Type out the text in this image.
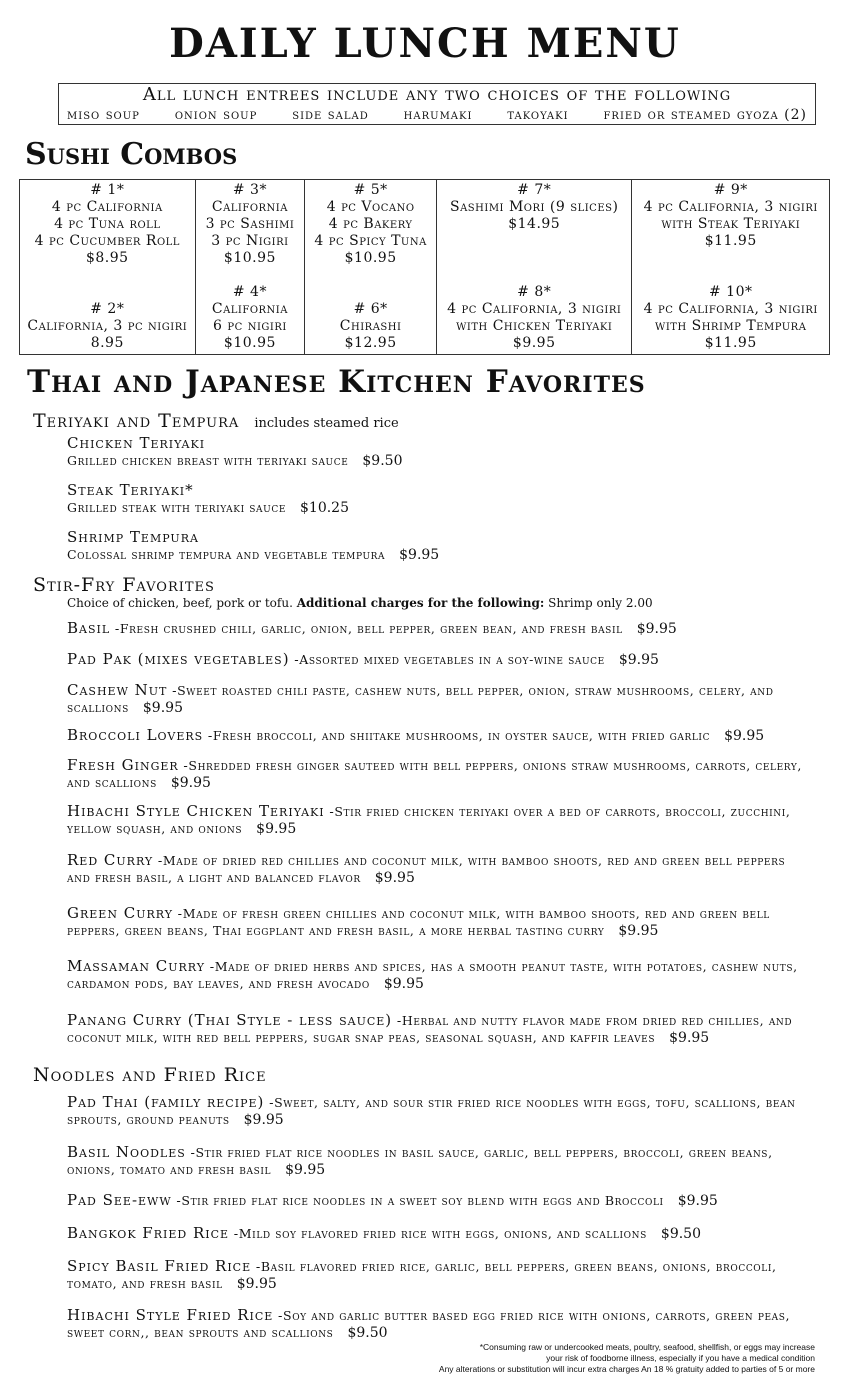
DAILY LUNCH MENU
All lunch entrees include any two choices of the following
miso soup onion soup side salad harumaki takoyaki fried or steamed gyoza (2)
Sushi Combos
# 1*
4 pc California
4 pc Tuna roll
4 pc Cucumber Roll
$8.95
# 2*
California, 3 pc nigiri
8.95
# 3*
California
3 pc Sashimi
3 pc Nigiri
$10.95
# 4*
California
6 pc nigiri
$10.95
# 5*
4 pc Vocano
4 pc Bakery
4 pc Spicy Tuna
$10.95
# 6*
Chirashi
$12.95
# 7*
Sashimi Mori (9 slices)
$14.95
# 8*
4 pc California, 3 nigiri
with Chicken Teriyaki
$9.95
# 9*
4 pc California, 3 nigiri
with Steak Teriyaki
$11.95
# 10*
4 pc California, 3 nigiri
with Shrimp Tempura
$11.95
Thai and Japanese Kitchen Favorites
Teriyaki and Tempura includes steamed rice
Stir-Fry Favorites
Choice of chicken, beef, pork or tofu. Additional charges for the following: Shrimp only 2.00
Noodles and Fried Rice
Chicken Teriyaki
Grilled chicken breast with teriyaki sauce $9.50
Steak Teriyaki*
Grilled steak with teriyaki sauce $10.25
Shrimp Tempura
Colossal shrimp tempura and vegetable tempura $9.95
Basil -Fresh crushed chili, garlic, onion, bell pepper, green bean, and fresh basil $9.95
Pad Pak (mixes vegetables) -Assorted mixed vegetables in a soy-wine sauce $9.95
Cashew Nut -Sweet roasted chili paste, cashew nuts, bell pepper, onion, straw mushrooms, celery, and scallions $9.95
Broccoli Lovers -Fresh broccoli, and shiitake mushrooms, in oyster sauce, with fried garlic $9.95
Fresh Ginger -Shredded fresh ginger sauteed with bell peppers, onions straw mushrooms, carrots, celery, and scallions $9.95
Hibachi Style Chicken Teriyaki -Stir fried chicken teriyaki over a bed of carrots, broccoli, zucchini, yellow squash, and onions $9.95
Red Curry -Made of dried red chillies and coconut milk, with bamboo shoots, red and green bell peppers and fresh basil, a light and balanced flavor $9.95
Green Curry -Made of fresh green chillies and coconut milk, with bamboo shoots, red and green bell peppers, green beans, Thai eggplant and fresh basil, a more herbal tasting curry $9.95
Massaman Curry -Made of dried herbs and spices, has a smooth peanut taste, with potatoes, cashew nuts, cardamon pods, bay leaves, and fresh avocado $9.95
Panang Curry (Thai Style - less sauce) -Herbal and nutty flavor made from dried red chillies, and coconut milk, with red bell peppers, sugar snap peas, seasonal squash, and kaffir leaves $9.95
Pad Thai (family recipe) -Sweet, salty, and sour stir fried rice noodles with eggs, tofu, scallions, bean sprouts, ground peanuts $9.95
Basil Noodles -Stir fried flat rice noodles in basil sauce, garlic, bell peppers, broccoli, green beans, onions, tomato and fresh basil $9.95
Pad See-eww -Stir fried flat rice noodles in a sweet soy blend with eggs and Broccoli $9.95
Bangkok Fried Rice -Mild soy flavored fried rice with eggs, onions, and scallions $9.50
Spicy Basil Fried Rice -Basil flavored fried rice, garlic, bell peppers, green beans, onions, broccoli, tomato, and fresh basil $9.95
Hibachi Style Fried Rice -Soy and garlic butter based egg fried rice with onions, carrots, green peas, sweet corn,, bean sprouts and scallions $9.50
*Consuming raw or undercooked meats, poultry, seafood, shellfish, or eggs may increase
your risk of foodborne illness, especially if you have a medical condition
Any alterations or substitution will incur extra charges An 18 % gratuity added to parties of 5 or more
